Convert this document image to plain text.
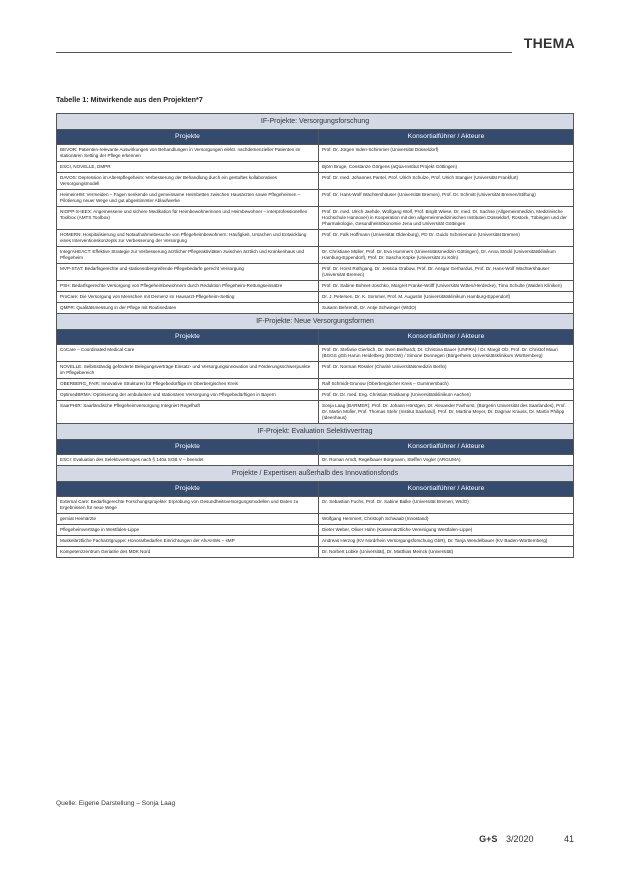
THEMA
Tabelle 1: Mitwirkende aus den Projekten*7
IF-Projekte: Versorgungsforschung	
Projekte	Konsortialführer / Akteure
BEVOR: Patienten-relevante Auswirkungen von Behandlungen in Versorgungen elektr. nachdemenzieller Patienten im stationären Setting der Pflege erkennen	Prof. Dr. Jürgen Inden-Schimmer (Universität Düsseldorf)
ESCI, NOVELLE, DMPR	Björn Bruge, Constanze Görgens (aQua-Institut Projekt Göttingen)
DAVOS: Depression im Alterspflegeheim: Verbesserung der Behandlung durch ein gestuftes kollaboratives Versorgungsmodell	Prof. Dr. med. Johannes Pantel, Prof. Ulrich Schulze, Prof. Ulrich Stangier (Universität Frankfurt)
HeimeinHM: Vermeiden – Fagen senkende und gemeinsame Heimbetten zwischen Hausärzten sowie Pflegeheimen – Pilotierung neuer Wege und gut abgestimmter Ablaufwerke	Prof. Dr. Hans-Wolf Wächtershäuser (Universität Bremen), Prof. Dr. Schmitt (Universität Bremen/Stiftung)
NIOPP-S-IEEX: Angemessene und sichere Medikation für Heimbewohnerinnen und Heimbewohner – interprofessionellen Toolbox (AMTS Toolbox)	Prof. Dr. med. Ulrich Jaehde, Wolfgang Wolf, Prof. Birgitt Wiese, Dr. med. Dr. Sachse (Allgemeinmedizin, Medizinische Hochschule Hannover) in Kooperation mit den allgemeinmedizinischen Instituten Düsseldorf, Rostock, Tübingen und der Pharmakologie, Gesundheitsökonomie Jena und Universität Göttingen
HOMERN: Hospitalisierung und Notaufnahmebesuche von Pflegeheimbewohnern: Häufigkeit, Ursachen und Entwicklung eines Interventionskonzepts zur Verbesserung der Versorgung	Prof. Dr. Falk Hoffmann (Universität Oldenburg), PD Dr. Guido Schmiemann (Universität Bremen)
IntegrAHEACT: Effektive Strategie zur Verbesserung ärztlicher Pflegeaktivitäten zwischen ärztlich und Krankenhaus und Pflegeheim	Dr. Christiane Müller, Prof. Dr. Eva Hummers (Universitätsmedizin Göttingen), Dr. Anna Stöckl (Universitätsklinikum Hamburg-Eppendorf), Prof. Dr. Sascha Köpke (Universität zu Köln)
MVP-STAT: Bedarfsgerechte und stationsübergreifende Pflegebedarfe gerecht Versorgung	Prof. Dr. Horst Rothgang, Dr. Jessica Grabow, Prof. Dr. Ansgar Gerhardus, Prof. Dr. Hans-Wolf Wächtershäuser (Universität Bremen)
PSH: Bedarfsgerechte Versorgung von Pflegeheimbewohnern durch Reduktion Pflegeheim-Rettungseinsätze	Prof. Dr. Sabine Bohnet-Joschko, Margret Franke-Wolff (Universität Witten/Herdecke), Timo Schulte (Walden Kliniken)
ProCare: Die Versorgung von Menschen mit Demenz im Hausarzt-Pflegeheim-Setting	Dr. J. Petersen, Dr. K. Sommer, Prof. M. Augustin (Universitätsklinikum Hamburg-Eppendorf)
QMPR: Qualitätsmessung in der Pflege mit Routinedaten	Susann Behrendt, Dr. Antje Schwinger (WIdO)
IF-Projekte: Neue Versorgungsformen	
Projekte	Konsortialführer / Akteure
CoCare – Coordinated Medical Care	Prof. Dr. Stefanie Gierlach, Dr. Sven Beilhardt, Dr. Christina Bauer (UNFRA) / Dr. Margit Olz, Prof. Dr. Christof Mauri (BGGS gGb Harun Heidelberg (BGGW) / Simone Donnegen (Bürgerheim Universitätsklinikum Württemberg)
NOVELLE: Selbstständig geförderte Belegungsverträge Einsatz- und Versorgungsinnovation und Förderungsschwerpunkte im Pflegebereich	Prof. Dr. Norman Rössler (Charité Universitätsmedizin Berlin)
OBERBERG_FAIR: Innovative Strukturen für Pflegebedürftige im Oberbergischen Kreis	Ralf Schmidt-Grunow (Oberbergischer Kreis – Gummersbach)
OptimedBRMA: Optimierung der ambulanten und stationären Versorgung von Pflegebedürftigen in Bayern	Prof. Dr. Dr. med. Eng. Christian Raiskamp (Universitätsklinikum Aachen)
SaarPHIR: Saarländische Pflegeheimversorgung Integriert Regelhaft	Sonja Laag (BARMER), Prof. Dr. Johann Hörstgen, Dr. Alexander Fairhurst, (Bürgerin Universität des Saarlandes), Prof. Dr. Martin Müller, Prof. Thomas Stehr (Institut Saarland), Prof. Dr. Martina Meyer, Dr. Dagmar Krauss, Dr. Martin Philipp (Ideenhaus)
IF-Projekt: Evaluation Selektivvertrag	
Projekte	Konsortialführer / Akteure
ESCI: Evaluation des Selektivvertrages nach § 140a SGB V – beendet	Dr. Roman Arndt, Regelbauer Borgmann, Steffen Vogler (ARGUMA)
Projekte / Expertisen außerhalb des Innovationsfonds	
Projekte	Konsortialführer / Akteure
External Care: Bedarfsgerechte Forschungsprojekte: Erprobung von Gesundheitsversorgungsmodellen und Daten zu Ergebnissen für neue Wege	Dr. Sebastian Fuchs, Prof. Dr. Sabine Balke (Universität Bremen, WIdO)
gemiat Heimärzte	Wolfgang Hemmert, Christoph Schwaab (Innostand)
Pflegeheimverträge in Westfalen-Lippe	Dieter Weber, Oliver Hahn (Kassenärztliche Vereinigung Westfalen-Lippe)
Muskelärztliche Facharztgruppe: Honorarbedarfen Einrichtungen der AfvAHWs – sMP	Andreas Herzog (KV Nordrhein Versorgungsforschung GbR), Dr. Tanja Wendelbauer (KV Baden-Württemberg)
Kompetenzzentrum Geriatrie des MDK Nord	Dr. Norbert Lübke (Universität), Dr. Matthias Meinck (Universität)
Quelle: Eigene Darstellung – Sonja Laag
G+S 3/2020	41
